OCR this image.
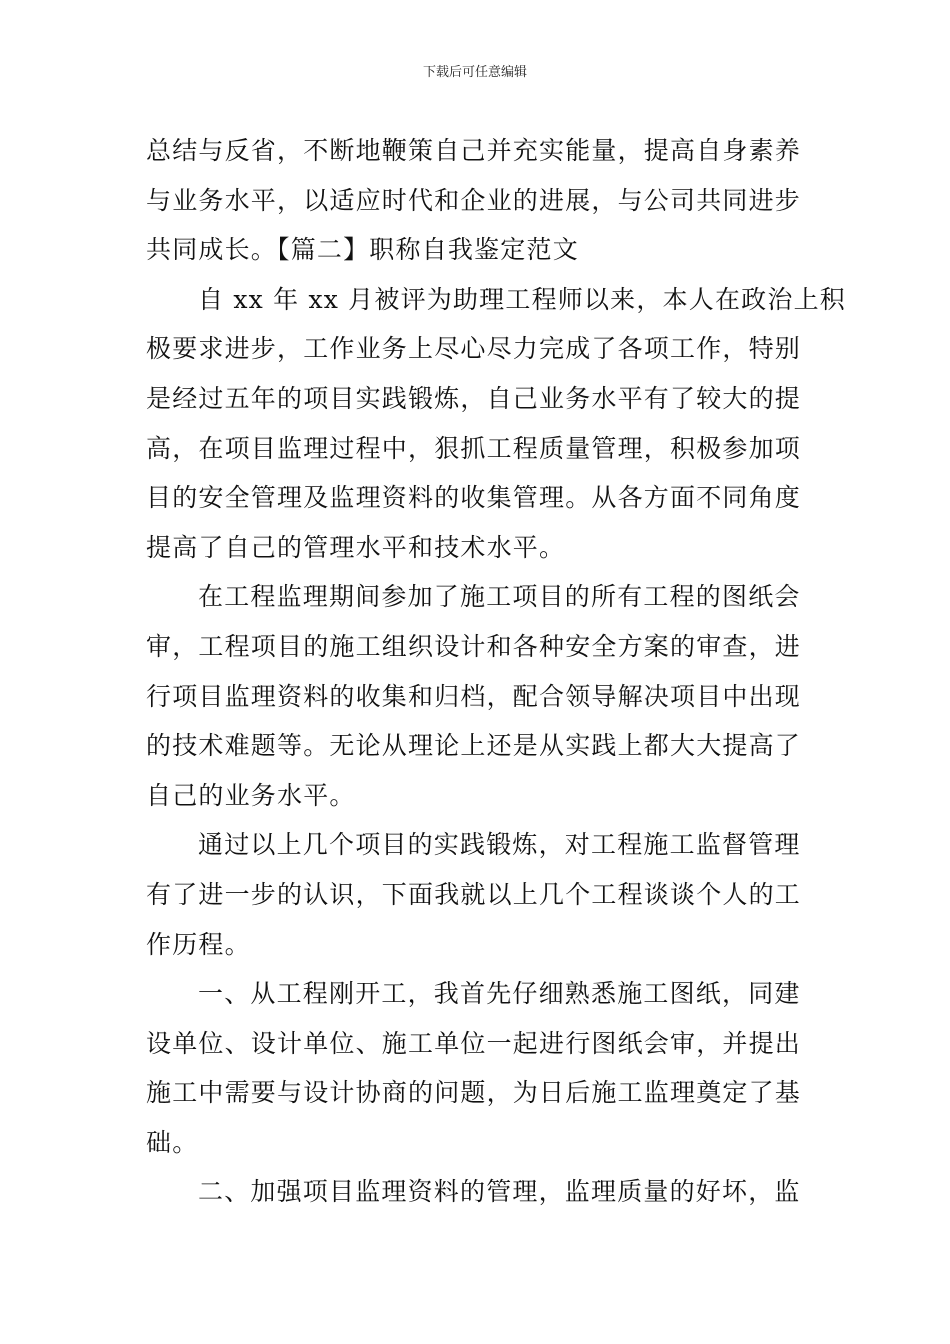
下载后可任意编辑

总结与反省，不断地鞭策自己并充实能量，提高自身素养
与业务水平，以适应时代和企业的进展，与公司共同进步
共同成长。【篇二】职称自我鉴定范文

自 xx 年 xx 月被评为助理工程师以来，本人在政治上积
极要求进步，工作业务上尽心尽力完成了各项工作，特别
是经过五年的项目实践锻炼，自己业务水平有了较大的提
高，在项目监理过程中，狠抓工程质量管理，积极参加项
目的安全管理及监理资料的收集管理。从各方面不同角度
提高了自己的管理水平和技术水平。

在工程监理期间参加了施工项目的所有工程的图纸会
审，工程项目的施工组织设计和各种安全方案的审查，进
行项目监理资料的收集和归档，配合领导解决项目中出现
的技术难题等。无论从理论上还是从实践上都大大提高了
自己的业务水平。

通过以上几个项目的实践锻炼，对工程施工监督管理
有了进一步的认识，下面我就以上几个工程谈谈个人的工
作历程。

一、从工程刚开工，我首先仔细熟悉施工图纸，同建
设单位、设计单位、施工单位一起进行图纸会审，并提出
施工中需要与设计协商的问题，为日后施工监理奠定了基
础。

二、加强项目监理资料的管理，监理质量的好坏，监
